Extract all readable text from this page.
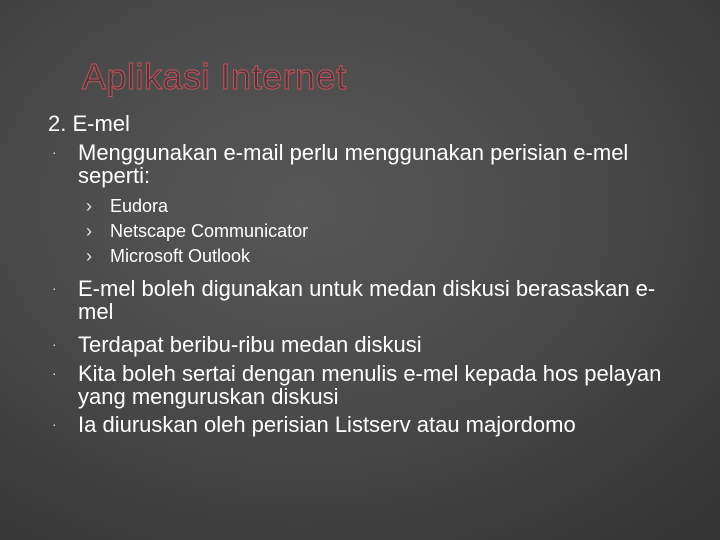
Aplikasi Internet
2. E-mel
· Menggunakan e-mail perlu menggunakan perisian e-mel seperti:
› Eudora
› Netscape Communicator
› Microsoft Outlook
· E-mel boleh digunakan untuk medan diskusi berasaskan e-mel
· Terdapat beribu-ribu medan diskusi
· Kita boleh sertai dengan menulis e-mel kepada hos pelayan yang menguruskan diskusi
· Ia diuruskan oleh perisian Listserv atau majordomo
